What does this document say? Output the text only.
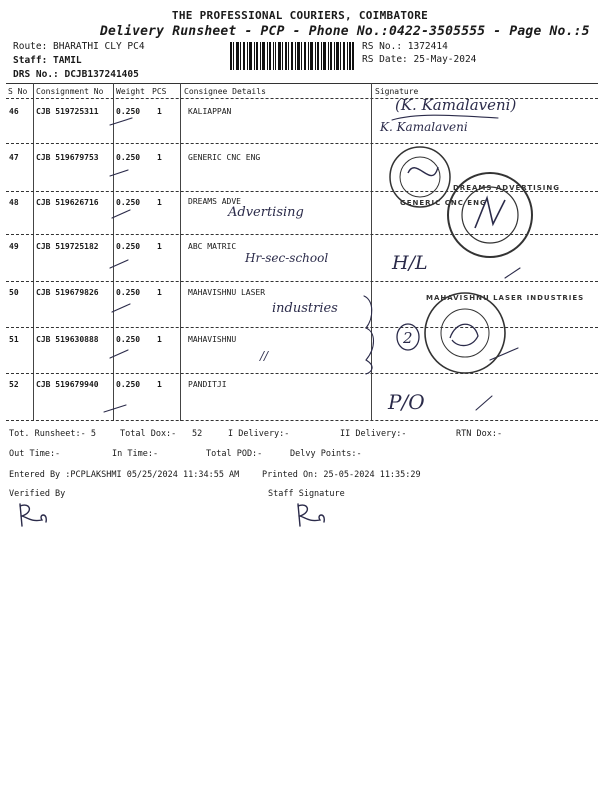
THE PROFESSIONAL COURIERS, COIMBATORE
Delivery Runsheet - PCP - Phone No.:0422-3505555 - Page No.:5
Route: BHARATHI CLY PC4
Staff: TAMIL
DRS No.: DCJB137241405
RS No.: 1372414
RS Date: 25-May-2024
S No Consignment No Weight PCS Consignee Details	Signature
46 CJB 519725311 0.250 1	KALIAPPAN	(K. Kamalaveni)
K. Kamalaveni
47 CJB 519679753 0.250 1	GENERIC CNC ENG
48 CJB 519626716 0.250 1	DREAMS ADVE
Advertising
49 CJB 519725182 0.250 1	ABC MATRIC
Hr-sec-school	H/L
50 CJB 519679826 0.250 1	MAHAVISHNU LASER
industries
51 CJB 519630888 0.250 1	MAHAVISHNU
//
52 CJB 519679940 0.250 1	PANDITJI
P/O
GENERIC CNC ENG
DREAMS ADVERTISING
MAHAVISHNU LASER INDUSTRIES
2
Tot. Runsheet:- 5	Total Dox:- 52	I Delivery:-	II Delivery:-	RTN Dox:-
Out Time:-	In Time:-	Total POD:-	Delvy Points:-
Entered By :PCPLAKSHMI 05/25/2024 11:34:55 AM	Printed On: 25-05-2024 11:35:29
Verified By	Staff Signature
